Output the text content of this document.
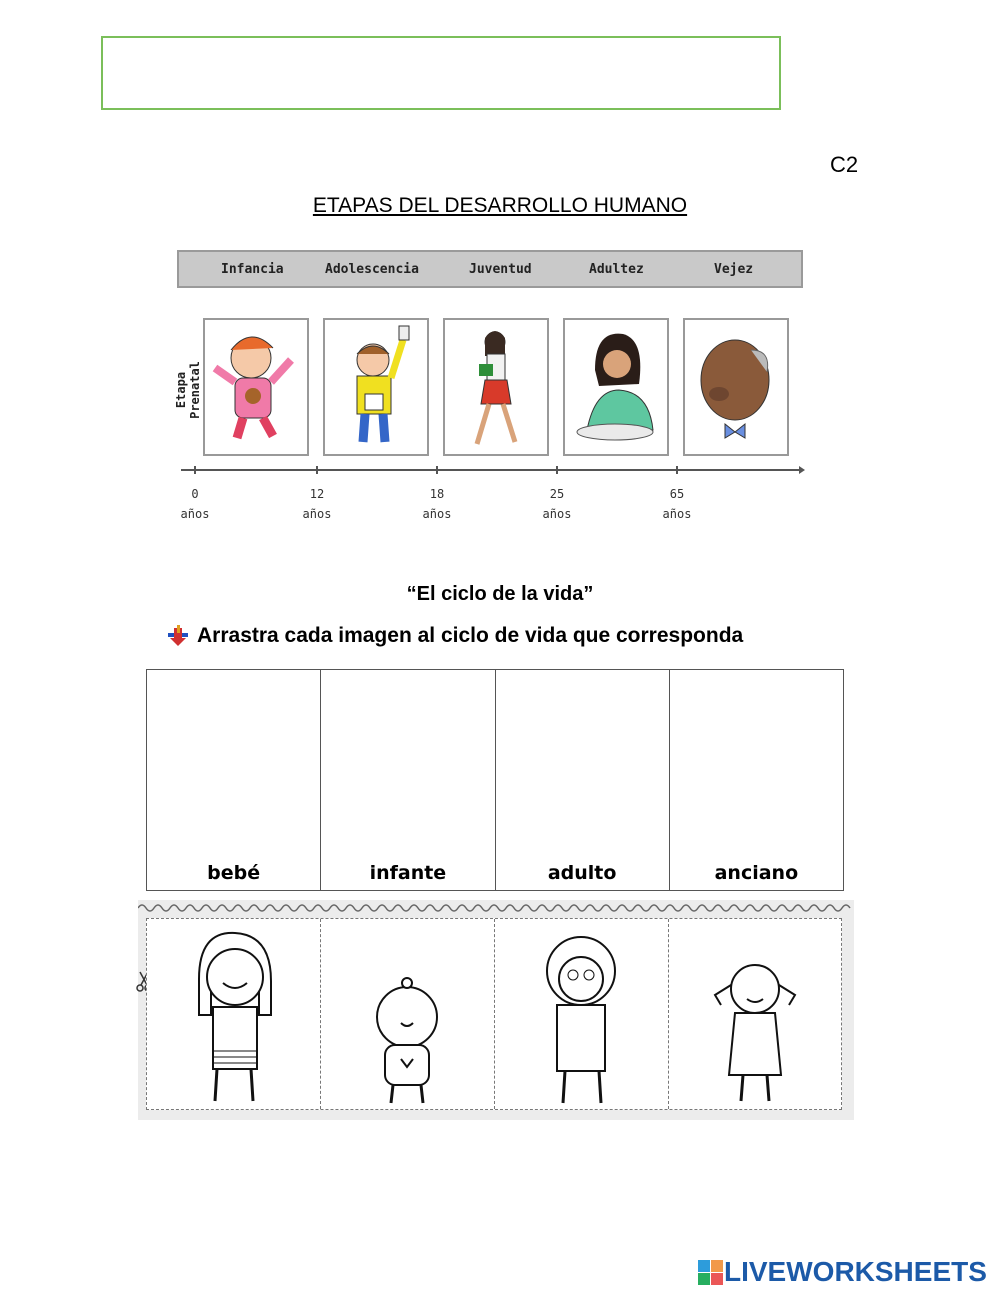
C2
ETAPAS DEL DESARROLLO HUMANO
Infancia	Adolescencia	Juventud	Adultez	Vejez
Etapa Prenatal
0
años
12
años
18
años
25
años
65
años
“El ciclo de la vida”
Arrastra cada imagen al ciclo de vida que corresponda
bebé	infante	adulto	anciano
LIVEWORKSHEETS
